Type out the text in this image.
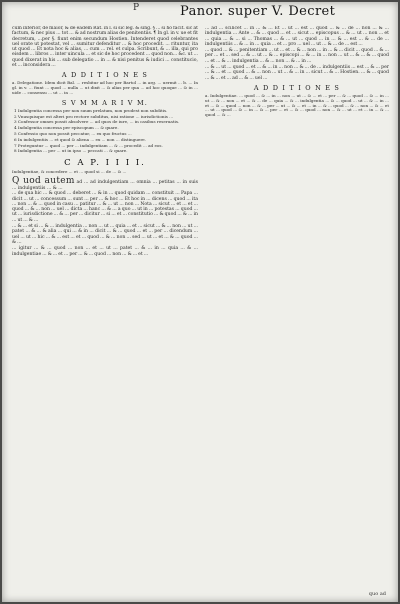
P	Panor. super V. Decret

cum inferior, de maior, & de eadem Rat. in l. si sic leg. & sing. § ... si ho facit. sic at factum, & nec pius ... tot ... & ad nostrum alias de penitentiis. ¶ In gl. in v. ue et fit decretum, ...per §. fiunt enim secundum Hostien. Intenderet quod celebrantes uel orate ut potestat, vel ... sumitur defenditur ... & hoc procedit. ... rituntur, ita ut quod ... Et nota hoc & alias, ... cum ... rel. et culpa. Scribunt, & ... illa, qui pro eisdem ... libros ... inter uincula ... et sic de hoc procedent ... quod non... &c. ut ... quod dixerat in his ... sub delegatio ... in ... & nisi penitus & iudici ... constitucio, et ... inconsidera ...

A D D I T I O N E S

a. Delegatione. Idem dicit Bal. ... resbitur ad hoc per Bartol ... in arg. ... uermit ... b. ... In gl. in v. ... fiunt ... quod ... nulla ... ut dixit ... & alias per qua ... ad hoc quoque ... & in ... uide ... consensu ... ut ... in ...

S V M M A R I V M.

1 Indulgentia concessa per non suum prelatum, non prodest non subditis.

2 Vnusquisque est alteri pro rectore subditus, nisi ratione ... iurisdictionis ...

3 Confessor omnes possit absolvere ... ad quos de iure, ... in casibus reseruatis.

4 Indulgentia concessa per episcopum ... & quare.

5 Confessio quo non possit peccatur, ... ex quo fructus ...

6 In indulgentiis ... et quod & aliena ... ex ... non ... distinguere.

7 Proteguntur ... quod ... per ... indulgentiam ... & ... procedit ... ad eos.

8 Indulgentia ... per ... ut in ipso ... peccati ... & quare.

C A P. I I I I.

Indulgentiae, & concedere ... et ... quod si ... de ... & ...

Q uod autem ad ... ad indulgentiam ... omnia ... petitas ... in suis ... indulgentiis ... & ...

... de qua hic ... & quod ... deberet ... & in ... quod quidam ... constituit ... Papa ... dicit ... ut ... concessum ... sunt ... per ... & hoc ... Et hoc in ... dicens ... quod ... ita ... non ... & ... quod in casu ... patitur ... & ... ut ... non ... Nota ... sicut ... et ... et ... quod ... & ... non ... uel ... dicta ... hanc ... & ... a quo ... ut in ... potestas ... quod ... ut ... iurisdictione ... & ... per ... dicitur ... si ... et ... constitutio ... & quod ... & ... in ... ut ... & ...

... & ... et si ... & ... indulgentia ... non ... ut ... quia ... et ... sicut ... & ... non ... ut ... patet ... & ... & alia ... qui ... & in ... dicit ... & ... quod ... et ... per ... dicendum ... uel ... ut ... hic ... & ... est ... et ... quod ... & ... non ... sed ... ut ... et ... & ... quod ... & ...

... igitur ... & ... quod ... non ... et ... ut ... patet ... & ... in ... quia ... & ... indulgentiae ... & ... et ... per ... & ... quod ... non ... & ... et ...

... ad ... scilicet ... in ... & ... Et ... ut ... est ... quod ... & ... de ... non ... & ... indulgentia ... Ante ... & ... quod ... et ... sicut ... episcopus ... & ... ut ... non ... et ... quia ... & ... si ... Thomas ... & ... ut ... quod ... in ... & ... est ... & ... de ... indulgentiis ... & ... in ... quia ... et ... pro ... uel ... ut ... & ... de ... est ...

... quod ... & ... penitentiam ... ut ... et ... & ... non ... in ... & ... dicit ... quod ... & ... per ... et ... sed ... & ... ut ... & ... episcopi ... & ... in ... non ... ut ... & ... & ... quod ... et ... & ... indulgentia ... & ... non ... & ... in ...

... & ... ut ... quod ... et ... & ... in ... non ... & ... de ... indulgentiis ... est ... & ... per ... & ... et ... quod ... & ... non ... ut ... & ... in ... sicut ... & ... Hostien. ... & ... quod ... & ... et ... ad ... & ... uel ...

A D D I T I O N E S

a. Indulgentiae. ... quod ... & ... in ... non ... ut ... & ... et ... per ... & ... quod ... & ... in ... ut ... & ... non ... et ... & ... de ... quia ... & ... indulgentia ... & ... quod ... ut ... & ... in ... et ... & ... quod ... non ... & ... per ... ut ... & ... et ... in ... & ... quod ... & ... non ... & ... et ... ut ... quod ... & ... in ... & ... per ... et ... & ... quod ... non ... & ... ut ... et ... in ... & ... quod ... & ...

quo ad
